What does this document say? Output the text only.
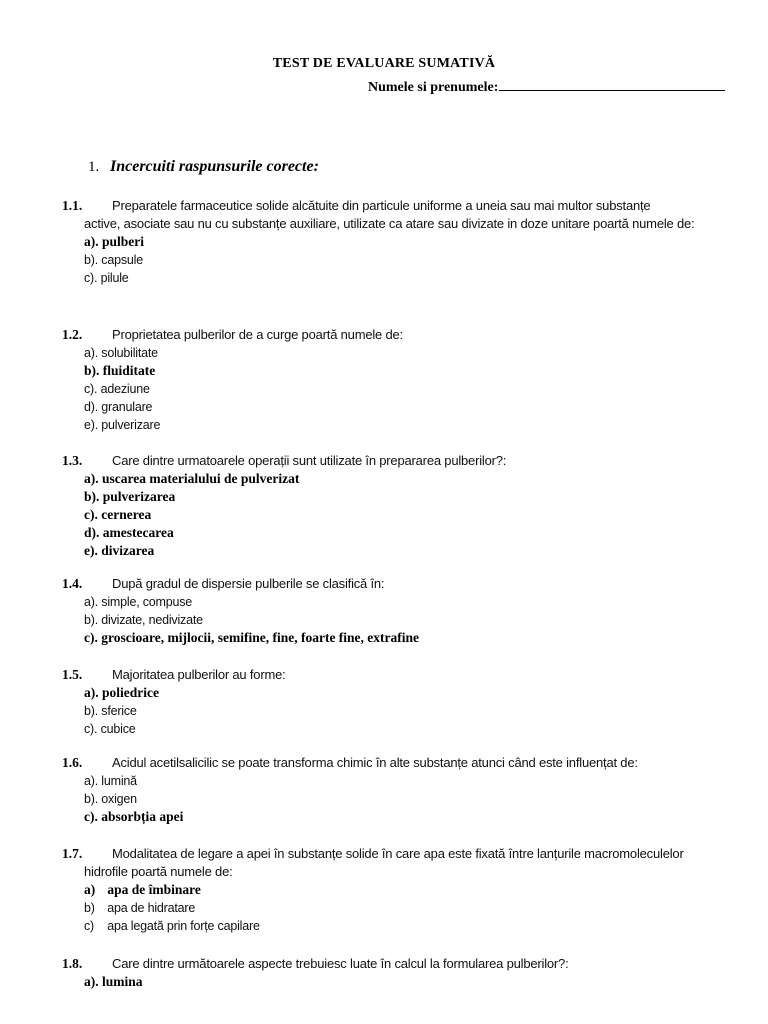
TEST DE EVALUARE SUMATIVĂ
Numele si prenumele:
1. Incercuiti raspunsurile corecte:
1.1.	Preparatele farmaceutice solide alcătuite din particule uniforme a uneia sau mai multor substanțe
active, asociate sau nu cu substanțe auxiliare, utilizate ca atare sau divizate in doze unitare poartă numele de:
a). pulberi
b). capsule
c). pilule
1.2.	Proprietatea pulberilor de a curge poartă numele de:
a). solubilitate
b). fluiditate
c). adeziune
d). granulare
e). pulverizare
1.3.	Care dintre urmatoarele operații sunt utilizate în prepararea pulberilor?:
a). uscarea materialului de pulverizat
b). pulverizarea
c). cernerea
d). amestecarea
e). divizarea
1.4.	După gradul de dispersie pulberile se clasifică în:
a). simple, compuse
b). divizate, nedivizate
c). groscioare, mijlocii, semifine, fine, foarte fine, extrafine
1.5.	Majoritatea pulberilor au forme:
a). poliedrice
b). sferice
c). cubice
1.6.	Acidul acetilsalicilic se poate transforma chimic în alte substanțe atunci când este influențat de:
a). lumină
b). oxigen
c). absorbția apei
1.7.	Modalitatea de legare a apei în substanțe solide în care apa este fixată între lanțurile macromoleculelor
hidrofile poartă numele de:
a) apa de îmbinare
b) apa de hidratare
c) apa legată prin forțe capilare
1.8.	Care dintre următoarele aspecte trebuiesc luate în calcul la formularea pulberilor?:
a). lumina
